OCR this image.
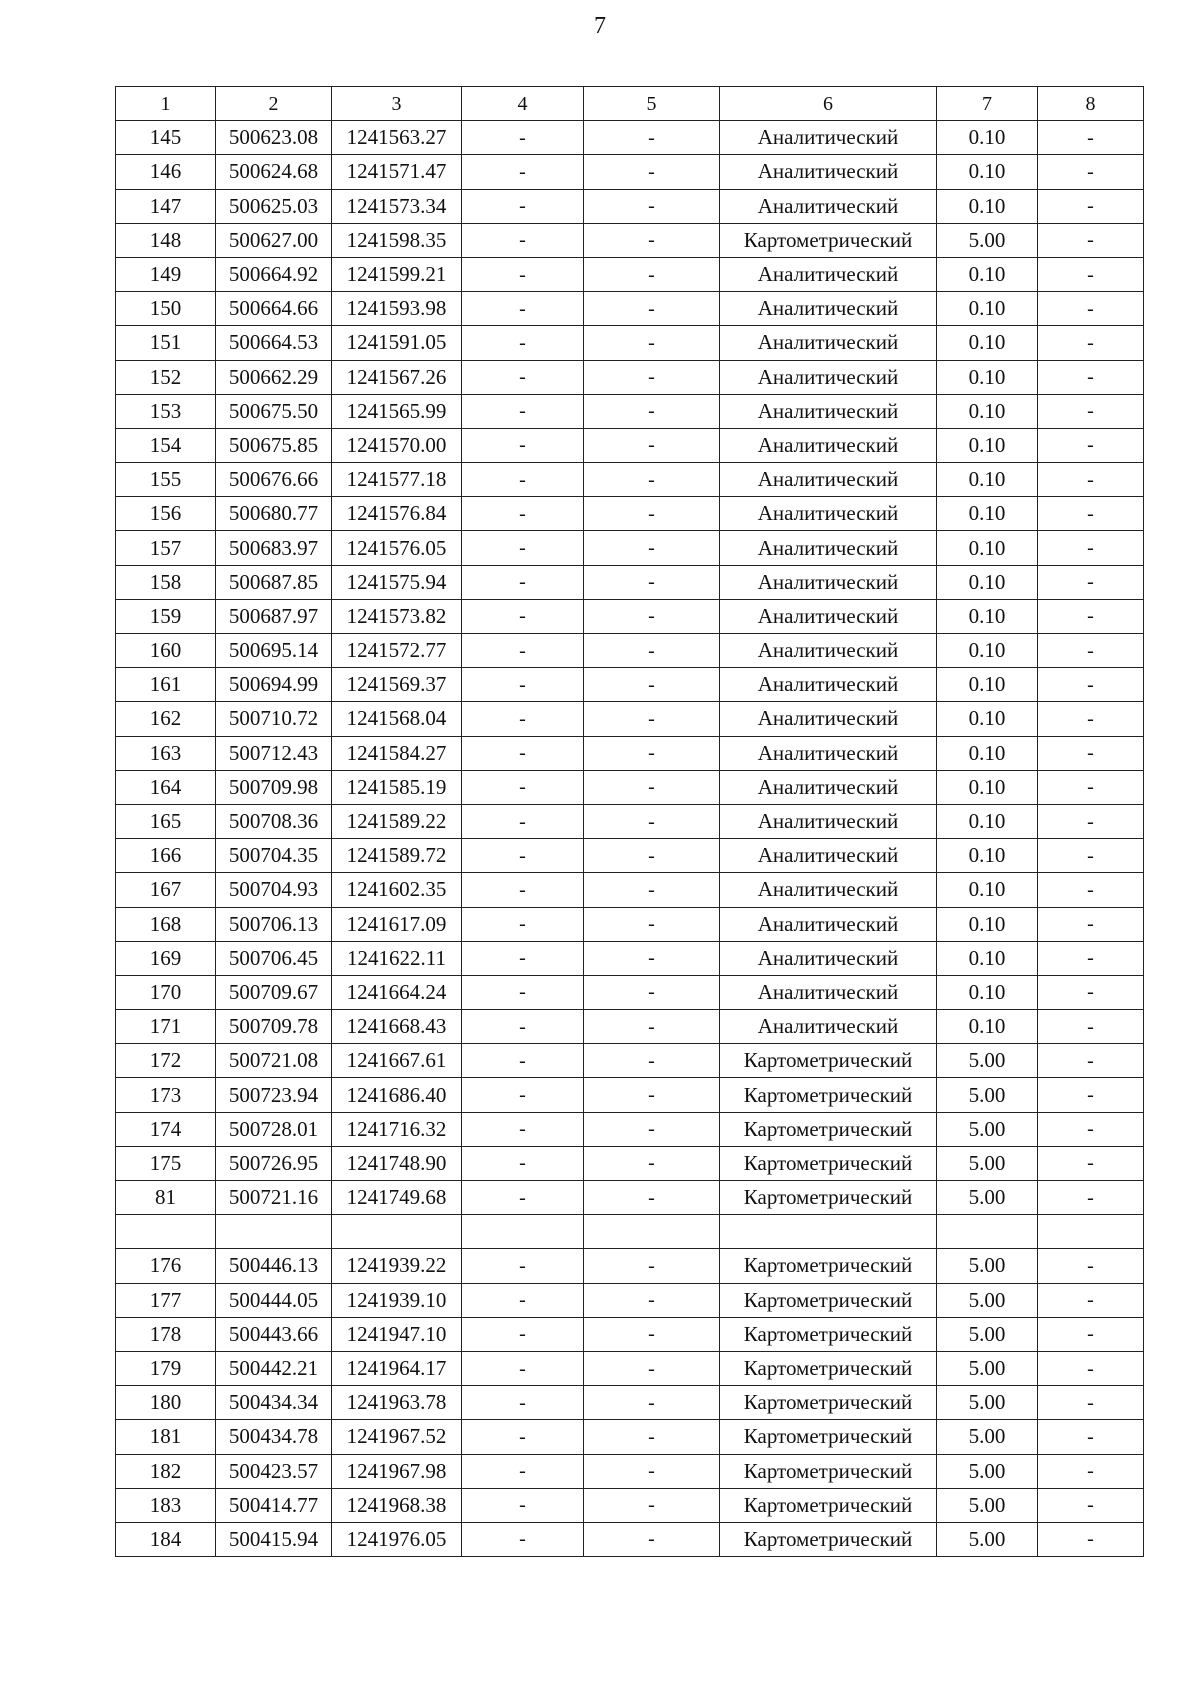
7
1	2	3	4	5	6	7	8
145	500623.08	1241563.27	-	-	Аналитический	0.10	-
146	500624.68	1241571.47	-	-	Аналитический	0.10	-
147	500625.03	1241573.34	-	-	Аналитический	0.10	-
148	500627.00	1241598.35	-	-	Картометрический	5.00	-
149	500664.92	1241599.21	-	-	Аналитический	0.10	-
150	500664.66	1241593.98	-	-	Аналитический	0.10	-
151	500664.53	1241591.05	-	-	Аналитический	0.10	-
152	500662.29	1241567.26	-	-	Аналитический	0.10	-
153	500675.50	1241565.99	-	-	Аналитический	0.10	-
154	500675.85	1241570.00	-	-	Аналитический	0.10	-
155	500676.66	1241577.18	-	-	Аналитический	0.10	-
156	500680.77	1241576.84	-	-	Аналитический	0.10	-
157	500683.97	1241576.05	-	-	Аналитический	0.10	-
158	500687.85	1241575.94	-	-	Аналитический	0.10	-
159	500687.97	1241573.82	-	-	Аналитический	0.10	-
160	500695.14	1241572.77	-	-	Аналитический	0.10	-
161	500694.99	1241569.37	-	-	Аналитический	0.10	-
162	500710.72	1241568.04	-	-	Аналитический	0.10	-
163	500712.43	1241584.27	-	-	Аналитический	0.10	-
164	500709.98	1241585.19	-	-	Аналитический	0.10	-
165	500708.36	1241589.22	-	-	Аналитический	0.10	-
166	500704.35	1241589.72	-	-	Аналитический	0.10	-
167	500704.93	1241602.35	-	-	Аналитический	0.10	-
168	500706.13	1241617.09	-	-	Аналитический	0.10	-
169	500706.45	1241622.11	-	-	Аналитический	0.10	-
170	500709.67	1241664.24	-	-	Аналитический	0.10	-
171	500709.78	1241668.43	-	-	Аналитический	0.10	-
172	500721.08	1241667.61	-	-	Картометрический	5.00	-
173	500723.94	1241686.40	-	-	Картометрический	5.00	-
174	500728.01	1241716.32	-	-	Картометрический	5.00	-
175	500726.95	1241748.90	-	-	Картометрический	5.00	-
81	500721.16	1241749.68	-	-	Картометрический	5.00	-

176	500446.13	1241939.22	-	-	Картометрический	5.00	-
177	500444.05	1241939.10	-	-	Картометрический	5.00	-
178	500443.66	1241947.10	-	-	Картометрический	5.00	-
179	500442.21	1241964.17	-	-	Картометрический	5.00	-
180	500434.34	1241963.78	-	-	Картометрический	5.00	-
181	500434.78	1241967.52	-	-	Картометрический	5.00	-
182	500423.57	1241967.98	-	-	Картометрический	5.00	-
183	500414.77	1241968.38	-	-	Картометрический	5.00	-
184	500415.94	1241976.05	-	-	Картометрический	5.00	-
